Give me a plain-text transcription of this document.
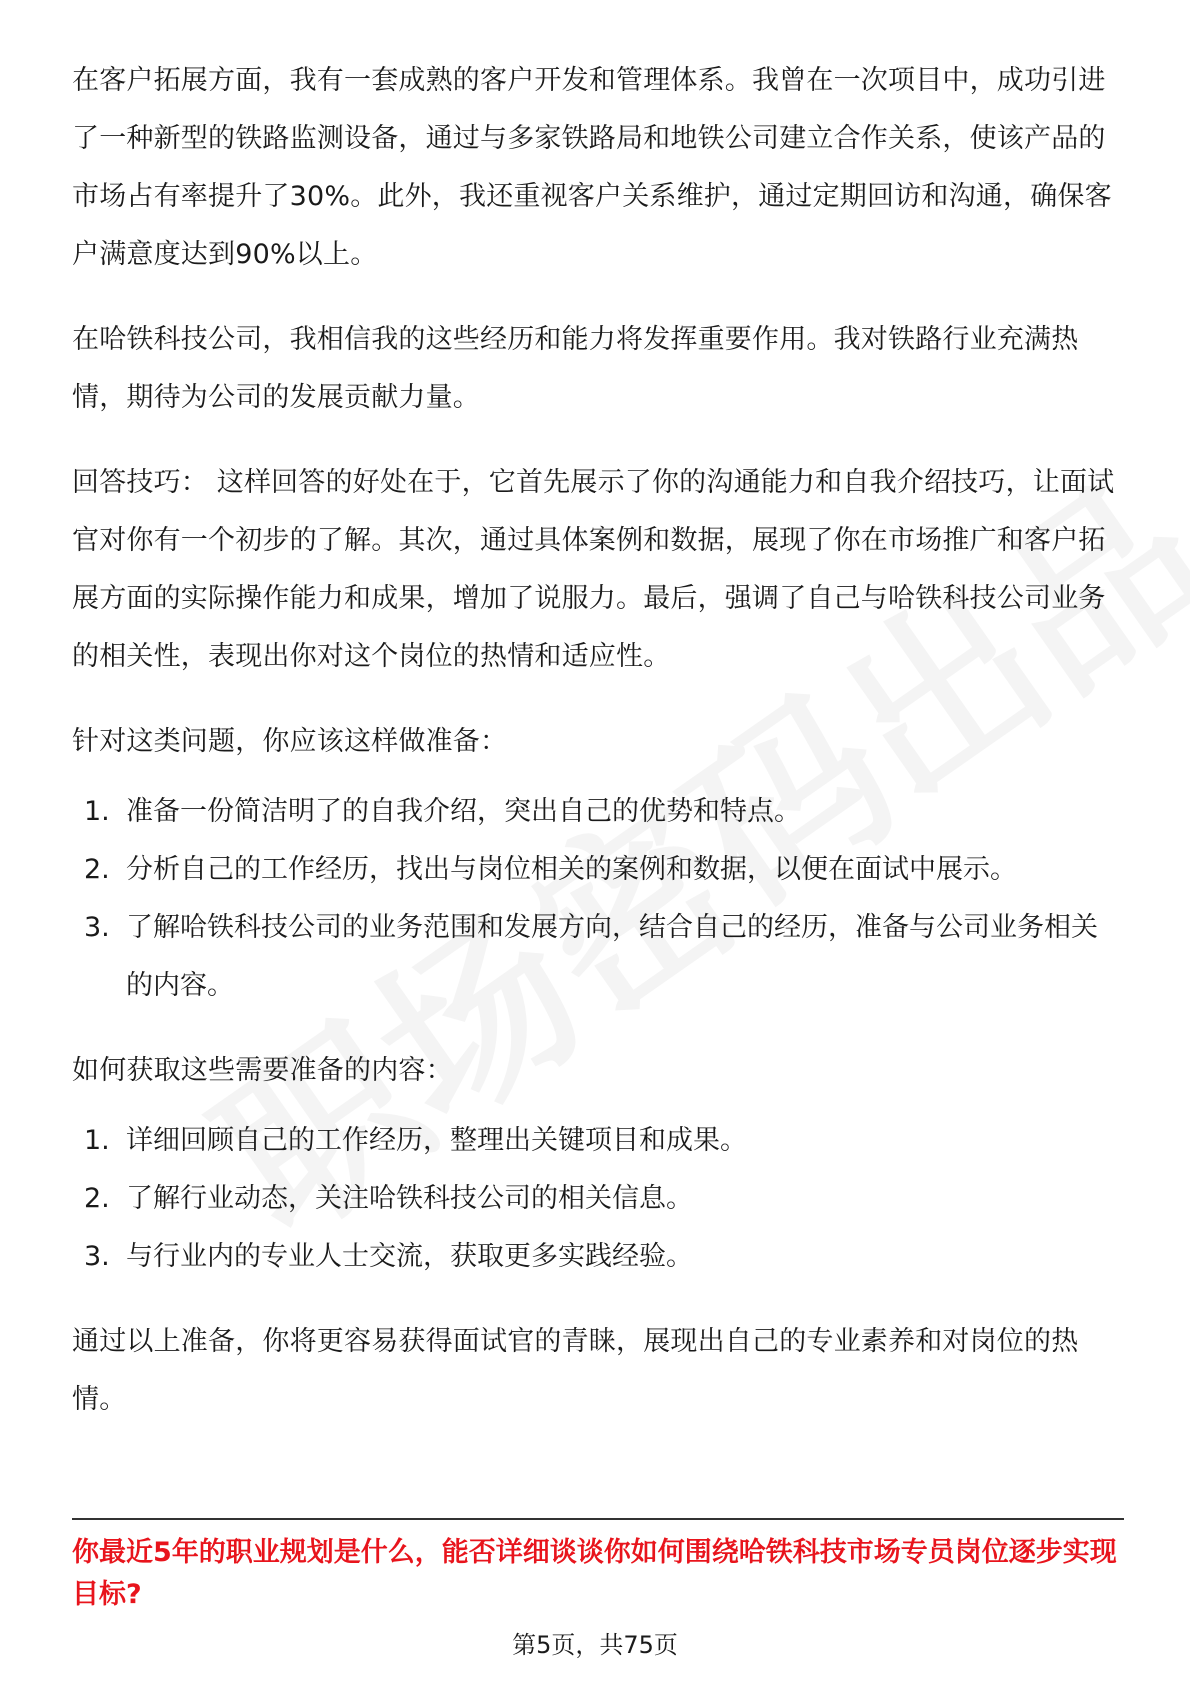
在客户拓展方面，我有一套成熟的客户开发和管理体系。我曾在一次项目中，成功引进了一种新型的铁路监测设备，通过与多家铁路局和地铁公司建立合作关系，使该产品的市场占有率提升了30%。此外，我还重视客户关系维护，通过定期回访和沟通，确保客户满意度达到90%以上。

在哈铁科技公司，我相信我的这些经历和能力将发挥重要作用。我对铁路行业充满热情，期待为公司的发展贡献力量。

回答技巧： 这样回答的好处在于，它首先展示了你的沟通能力和自我介绍技巧，让面试官对你有一个初步的了解。其次，通过具体案例和数据，展现了你在市场推广和客户拓展方面的实际操作能力和成果，增加了说服力。最后，强调了自己与哈铁科技公司业务的相关性，表现出你对这个岗位的热情和适应性。

针对这类问题，你应该这样做准备：

1. 准备一份简洁明了的自我介绍，突出自己的优势和特点。
2. 分析自己的工作经历，找出与岗位相关的案例和数据，以便在面试中展示。
3. 了解哈铁科技公司的业务范围和发展方向，结合自己的经历，准备与公司业务相关的内容。

如何获取这些需要准备的内容：

1. 详细回顾自己的工作经历，整理出关键项目和成果。
2. 了解行业动态，关注哈铁科技公司的相关信息。
3. 与行业内的专业人士交流，获取更多实践经验。

通过以上准备，你将更容易获得面试官的青睐，展现出自己的专业素养和对岗位的热情。

你最近5年的职业规划是什么，能否详细谈谈你如何围绕哈铁科技市场专员岗位逐步实现目标?
第5页，共75页
